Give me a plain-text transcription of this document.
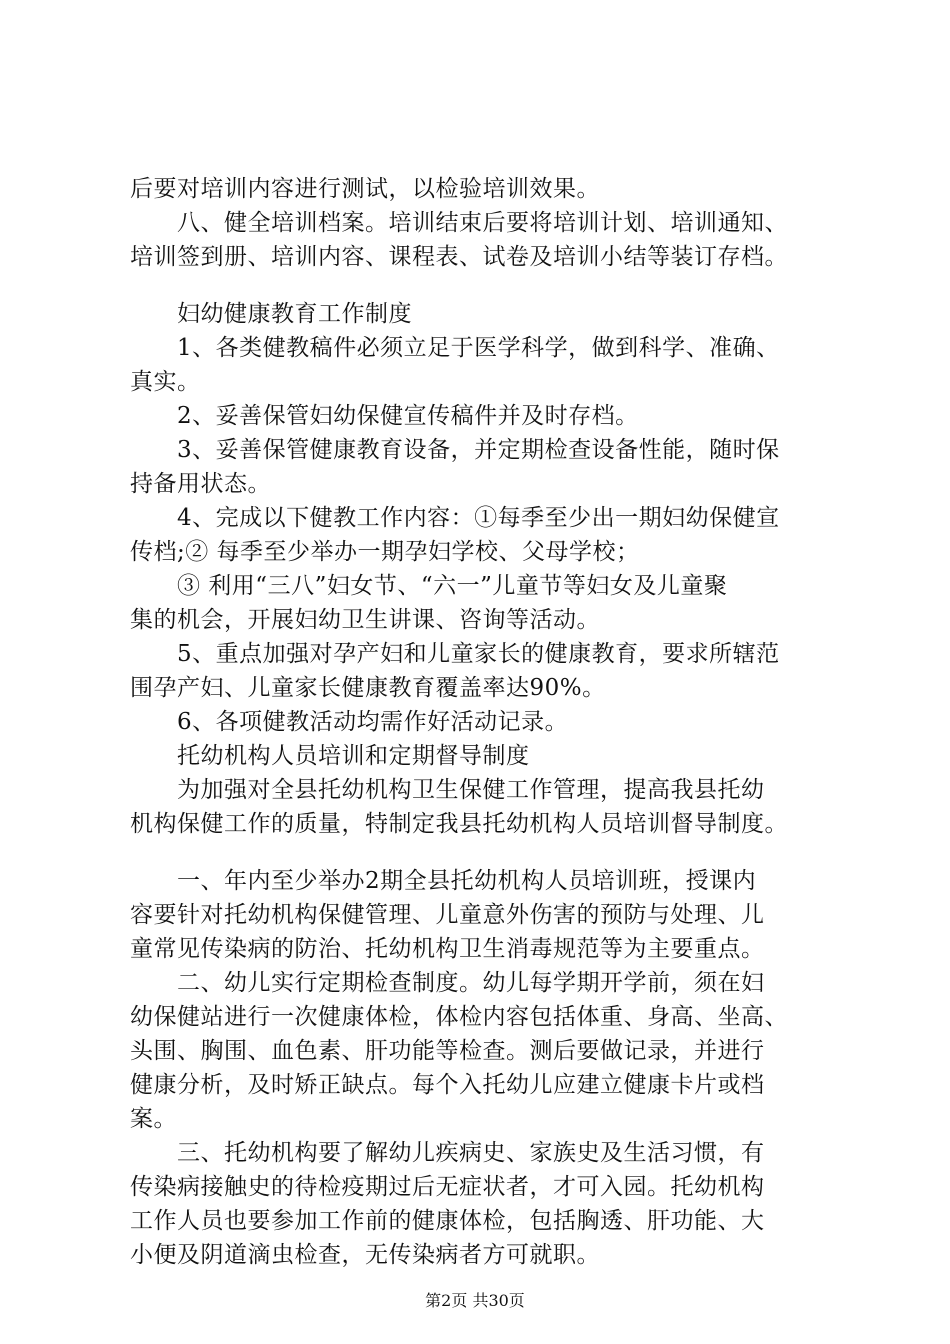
后要对培训内容进行测试，以检验培训效果。
八、健全培训档案。培训结束后要将培训计划、培训通知、
培训签到册、培训内容、课程表、试卷及培训小结等装订存档。
妇幼健康教育工作制度
1、各类健教稿件必须立足于医学科学，做到科学、准确、
真实。
2、妥善保管妇幼保健宣传稿件并及时存档。
3、妥善保管健康教育设备，并定期检查设备性能，随时保
持备用状态。
4、完成以下健教工作内容：①每季至少出一期妇幼保健宣
传档;② 每季至少举办一期孕妇学校、父母学校；
③ 利用“三八”妇女节、“六一”儿童节等妇女及儿童聚
集的机会，开展妇幼卫生讲课、咨询等活动。
5、重点加强对孕产妇和儿童家长的健康教育，要求所辖范
围孕产妇、儿童家长健康教育覆盖率达90%。
6、各项健教活动均需作好活动记录。
托幼机构人员培训和定期督导制度
为加强对全县托幼机构卫生保健工作管理，提高我县托幼
机构保健工作的质量，特制定我县托幼机构人员培训督导制度。
一、年内至少举办2期全县托幼机构人员培训班，授课内
容要针对托幼机构保健管理、儿童意外伤害的预防与处理、儿
童常见传染病的防治、托幼机构卫生消毒规范等为主要重点。
二、幼儿实行定期检查制度。幼儿每学期开学前，须在妇
幼保健站进行一次健康体检，体检内容包括体重、身高、坐高、
头围、胸围、血色素、肝功能等检查。测后要做记录，并进行
健康分析，及时矫正缺点。每个入托幼儿应建立健康卡片或档
案。
三、托幼机构要了解幼儿疾病史、家族史及生活习惯，有
传染病接触史的待检疫期过后无症状者，才可入园。托幼机构
工作人员也要参加工作前的健康体检，包括胸透、肝功能、大
小便及阴道滴虫检查，无传染病者方可就职。
第2页 共30页
